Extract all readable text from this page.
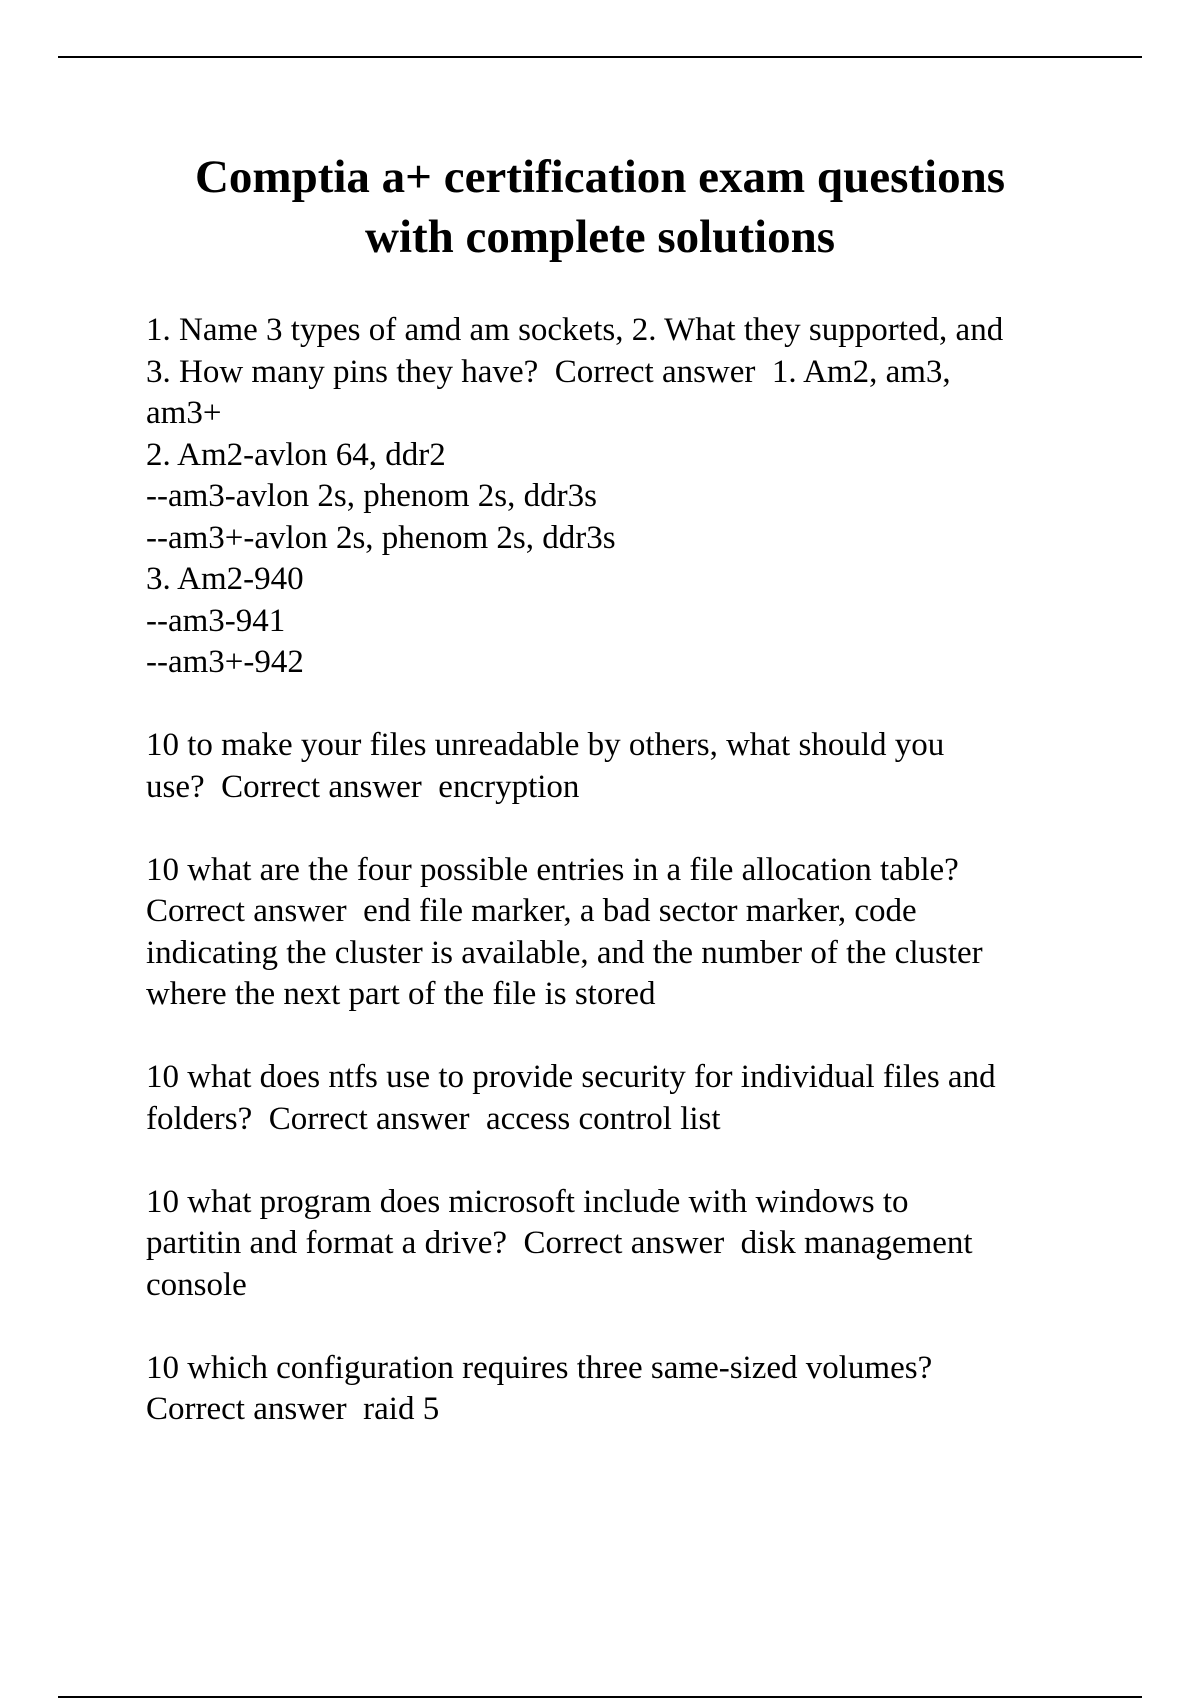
Comptia a+ certification exam questions
with complete solutions
1. Name 3 types of amd am sockets, 2. What they supported, and
3. How many pins they have?  Correct answer  1. Am2, am3,
am3+
2. Am2-avlon 64, ddr2
--am3-avlon 2s, phenom 2s, ddr3s
--am3+-avlon 2s, phenom 2s, ddr3s
3. Am2-940
--am3-941
--am3+-942
10 to make your files unreadable by others, what should you
use?  Correct answer  encryption
10 what are the four possible entries in a file allocation table?
Correct answer  end file marker, a bad sector marker, code
indicating the cluster is available, and the number of the cluster
where the next part of the file is stored
10 what does ntfs use to provide security for individual files and
folders?  Correct answer  access control list
10 what program does microsoft include with windows to
partitin and format a drive?  Correct answer  disk management
console
10 which configuration requires three same-sized volumes?
Correct answer  raid 5
